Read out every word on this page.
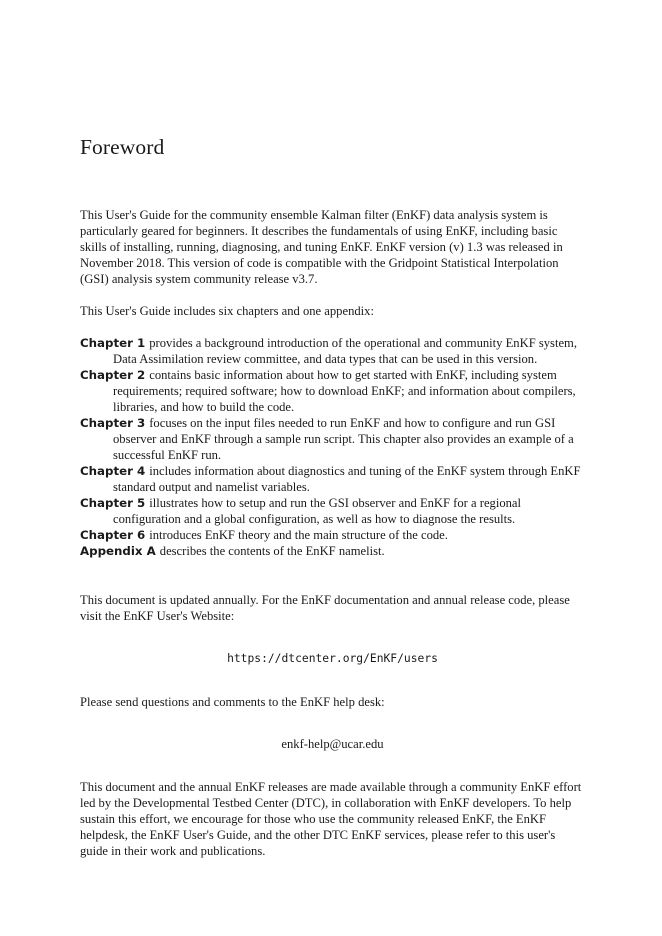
Foreword

This User's Guide for the community ensemble Kalman filter (EnKF) data analysis system is particularly geared for beginners. It describes the fundamentals of using EnKF, including basic skills of installing, running, diagnosing, and tuning EnKF. EnKF version (v) 1.3 was released in November 2018. This version of code is compatible with the Gridpoint Statistical Interpolation (GSI) analysis system community release v3.7.

This User's Guide includes six chapters and one appendix:

Chapter 1 provides a background introduction of the operational and community EnKF system, Data Assimilation review committee, and data types that can be used in this version.
Chapter 2 contains basic information about how to get started with EnKF, including system requirements; required software; how to download EnKF; and information about compilers, libraries, and how to build the code.
Chapter 3 focuses on the input files needed to run EnKF and how to configure and run GSI observer and EnKF through a sample run script. This chapter also provides an example of a successful EnKF run.
Chapter 4 includes information about diagnostics and tuning of the EnKF system through EnKF standard output and namelist variables.
Chapter 5 illustrates how to setup and run the GSI observer and EnKF for a regional configuration and a global configuration, as well as how to diagnose the results.
Chapter 6 introduces EnKF theory and the main structure of the code.
Appendix A describes the contents of the EnKF namelist.

This document is updated annually. For the EnKF documentation and annual release code, please visit the EnKF User's Website:

https://dtcenter.org/EnKF/users

Please send questions and comments to the EnKF help desk:

enkf-help@ucar.edu

This document and the annual EnKF releases are made available through a community EnKF effort led by the Developmental Testbed Center (DTC), in collaboration with EnKF developers. To help sustain this effort, we encourage for those who use the community released EnKF, the EnKF helpdesk, the EnKF User's Guide, and the other DTC EnKF services, please refer to this user's guide in their work and publications.
